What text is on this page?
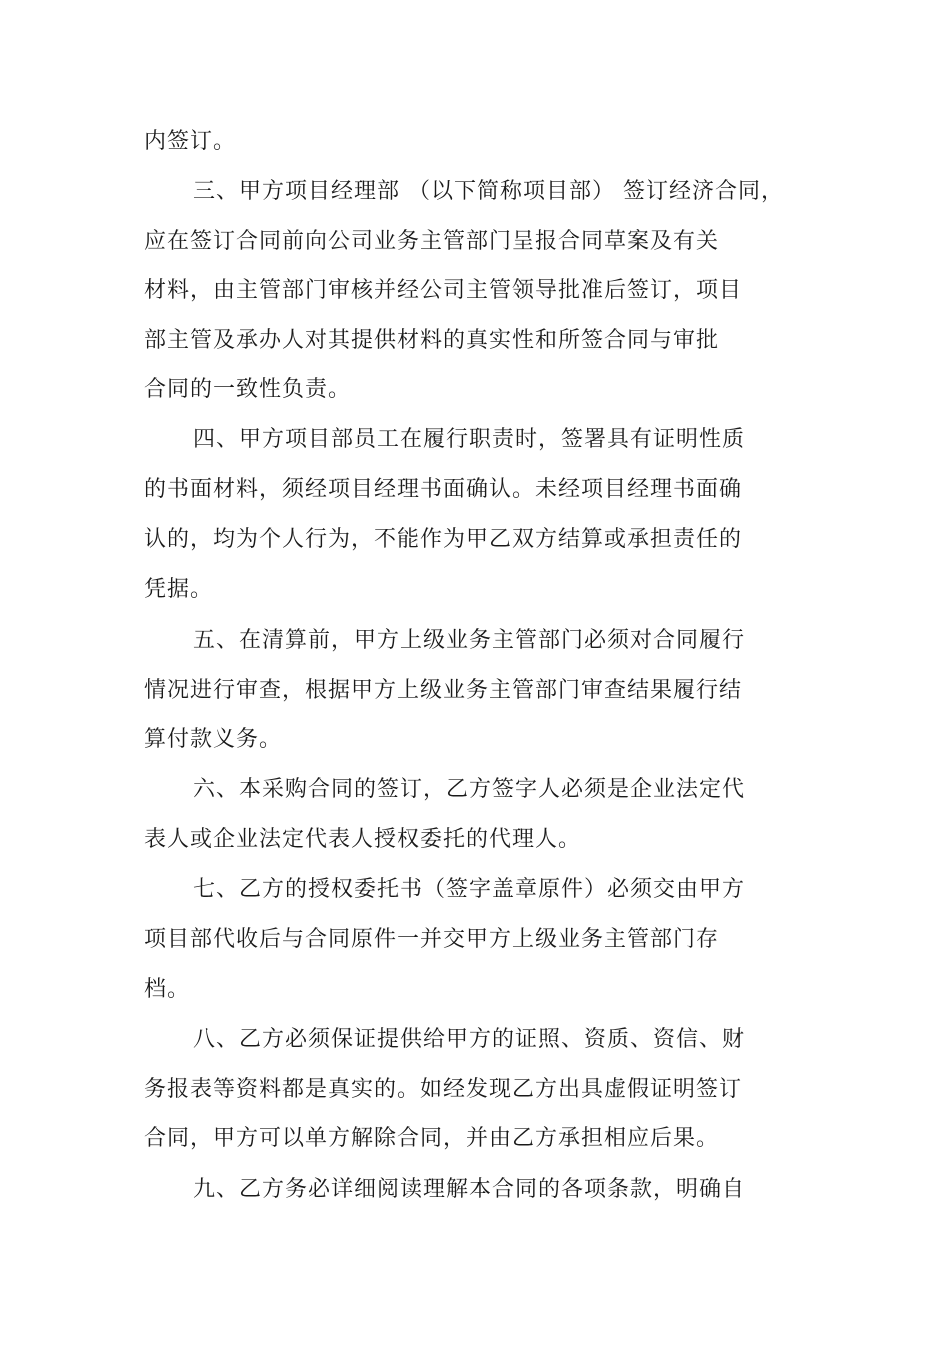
内签订。
三、甲方项目经理部 （以下简称项目部） 签订经济合同，
应在签订合同前向公司业务主管部门呈报合同草案及有关
材料，由主管部门审核并经公司主管领导批准后签订，项目
部主管及承办人对其提供材料的真实性和所签合同与审批
合同的一致性负责。
四、甲方项目部员工在履行职责时，签署具有证明性质
的书面材料，须经项目经理书面确认。未经项目经理书面确
认的，均为个人行为，不能作为甲乙双方结算或承担责任的
凭据。
五、在清算前，甲方上级业务主管部门必须对合同履行
情况进行审查，根据甲方上级业务主管部门审查结果履行结
算付款义务。
六、本采购合同的签订，乙方签字人必须是企业法定代
表人或企业法定代表人授权委托的代理人。
七、乙方的授权委托书（签字盖章原件）必须交由甲方
项目部代收后与合同原件一并交甲方上级业务主管部门存
档。
八、乙方必须保证提供给甲方的证照、资质、资信、财
务报表等资料都是真实的。如经发现乙方出具虚假证明签订
合同，甲方可以单方解除合同，并由乙方承担相应后果。
九、乙方务必详细阅读理解本合同的各项条款，明确自
